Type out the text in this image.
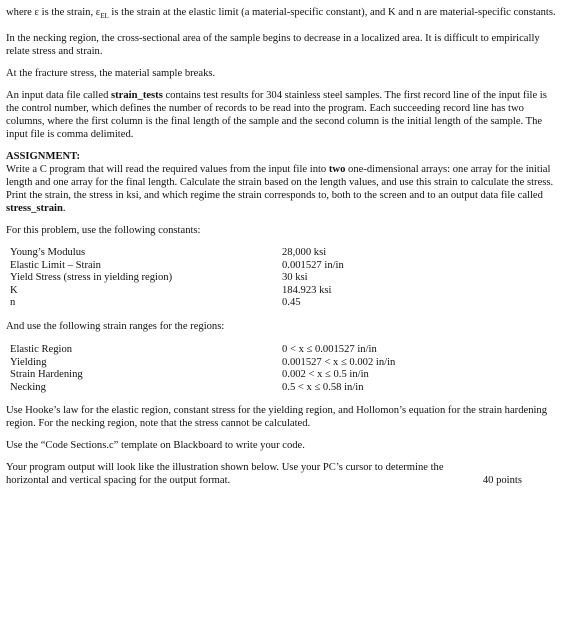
where ε is the strain, $\varepsilon_{EL}$ is the strain at the elastic limit (a material-specific constant), and K and n are material-specific constants.

In the necking region, the cross-sectional area of the sample begins to decrease in a localized area. It is difficult to empirically relate stress and strain.

At the fracture stress, the material sample breaks.

An input data file called strain_tests contains test results for 304 stainless steel samples. The first record line of the input file is the control number, which defines the number of records to be read into the program. Each succeeding record line has two columns, where the first column is the final length of the sample and the second column is the initial length of the sample. The input file is comma delimited.

ASSIGNMENT:

Write a C program that will read the required values from the input file into two one-dimensional arrays: one array for the initial length and one array for the final length. Calculate the strain based on the length values, and use this strain to calculate the stress. Print the strain, the stress in ksi, and which regime the strain corresponds to, both to the screen and to an output data file called stress_strain.

For this problem, use the following constants:

Young’s Modulus	28,000 ksi
Elastic Limit – Strain	0.001527 in/in
Yield Stress (stress in yielding region)	30 ksi
K	184.923 ksi
n	0.45

And use the following strain ranges for the regions:

Elastic Region	0 < x ≤ 0.001527 in/in
Yielding	0.001527 < x ≤ 0.002 in/in
Strain Hardening	0.002 < x ≤ 0.5 in/in
Necking	0.5 < x ≤ 0.58 in/in

Use Hooke’s law for the elastic region, constant stress for the yielding region, and Hollomon’s equation for the strain hardening region. For the necking region, note that the stress cannot be calculated.

Use the “Code Sections.c” template on Blackboard to write your code.

Your program output will look like the illustration shown below. Use your PC’s cursor to determine the
horizontal and vertical spacing for the output format.	40 points
